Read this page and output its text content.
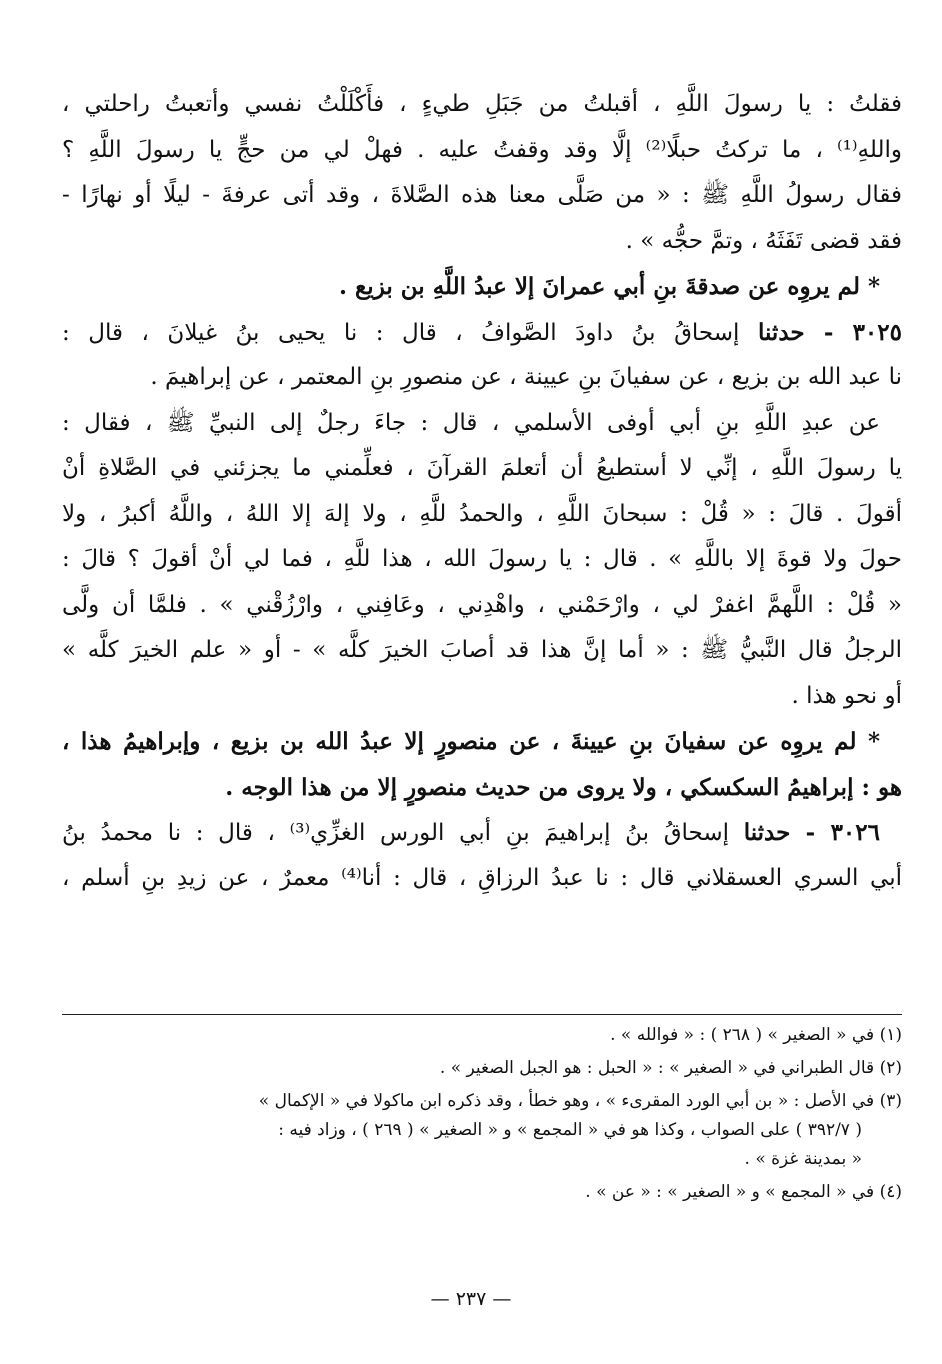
فقلتُ : يا رسولَ اللَّهِ ، أقبلتُ من جَبَلِ طيءٍ ، فأَكْلَلْتُ نفسي وأتعبتُ راحلتي ،
واللهِ⁽¹⁾ ، ما تركتُ حبلًا⁽²⁾ إلَّا وقد وقفتُ عليه . فهلْ لي من حجٍّ يا رسولَ اللَّهِ ؟
فقال رسولُ اللَّهِ ﷺ : « من صَلَّى معنا هذه الصَّلاةَ ، وقد أتى عرفةَ - ليلًا أو نهارًا -
فقد قضى تَفَثَهُ ، وتمَّ حجُّه » .
* لم يروِه عن صدقةَ بنِ أبي عمرانَ إلا عبدُ اللَّهِ بن بزيع .
٣٠٢٥ - حدثنا إسحاقُ بنُ داودَ الصَّوافُ ، قال : نا يحيى بنُ غيلانَ ، قال :
نا عبد الله بن بزيع ، عن سفيانَ بنِ عيينة ، عن منصورِ بنِ المعتمر ، عن إبراهيمَ .
عن عبدِ اللَّهِ بنِ أبي أوفى الأسلمي ، قال : جاءَ رجلٌ إلى النبيِّ ﷺ ، فقال :
يا رسولَ اللَّهِ ، إنِّي لا أستطيعُ أن أتعلمَ القرآنَ ، فعلِّمني ما يجزئني في الصَّلاةِ أنْ
أقولَ . قالَ : « قُلْ : سبحانَ اللَّهِ ، والحمدُ للَّهِ ، ولا إلهَ إلا اللهُ ، واللَّهُ أكبرُ ، ولا
حولَ ولا قوةَ إلا باللَّهِ » . قال : يا رسولَ الله ، هذا للَّهِ ، فما لي أنْ أقولَ ؟ قالَ :
« قُلْ : اللَّهمَّ اغفرْ لي ، وارْحَمْني ، واهْدِني ، وعَافِني ، وارْزُقْني » . فلمَّا أن ولَّى
الرجلُ قال النَّبيُّ ﷺ : « أما إنَّ هذا قد أصابَ الخيرَ كلَّه » - أو « علم الخيرَ كلَّه »
أو نحو هذا .
* لم يروِه عن سفيانَ بنِ عيينةَ ، عن منصورٍ إلا عبدُ الله بن بزيع ، وإبراهيمُ هذا ،
هو : إبراهيمُ السكسكي ، ولا يروى من حديث منصورٍ إلا من هذا الوجه .
٣٠٢٦ - حدثنا إسحاقُ بنُ إبراهيمَ بنِ أبي الورس الغزِّي⁽³⁾ ، قال : نا محمدُ بنُ
أبي السري العسقلاني قال : نا عبدُ الرزاقِ ، قال : أنا⁽⁴⁾ معمرٌ ، عن زيدِ بنِ أسلم ،
(١) في « الصغير » ( ٢٦٨ ) : « فوالله » .
(٢) قال الطبراني في « الصغير » : « الحبل : هو الجبل الصغير » .
(٣) في الأصل : « بن أبي الورد المقرىء » ، وهو خطأ ، وقد ذكره ابن ماكولا في « الإكمال »
( ٣٩٢/٧ ) على الصواب ، وكذا هو في « المجمع » و « الصغير » ( ٢٦٩ ) ، وزاد فيه :
« بمدينة غزة » .
(٤) في « المجمع » و « الصغير » : « عن » .
— ٢٣٧ —
